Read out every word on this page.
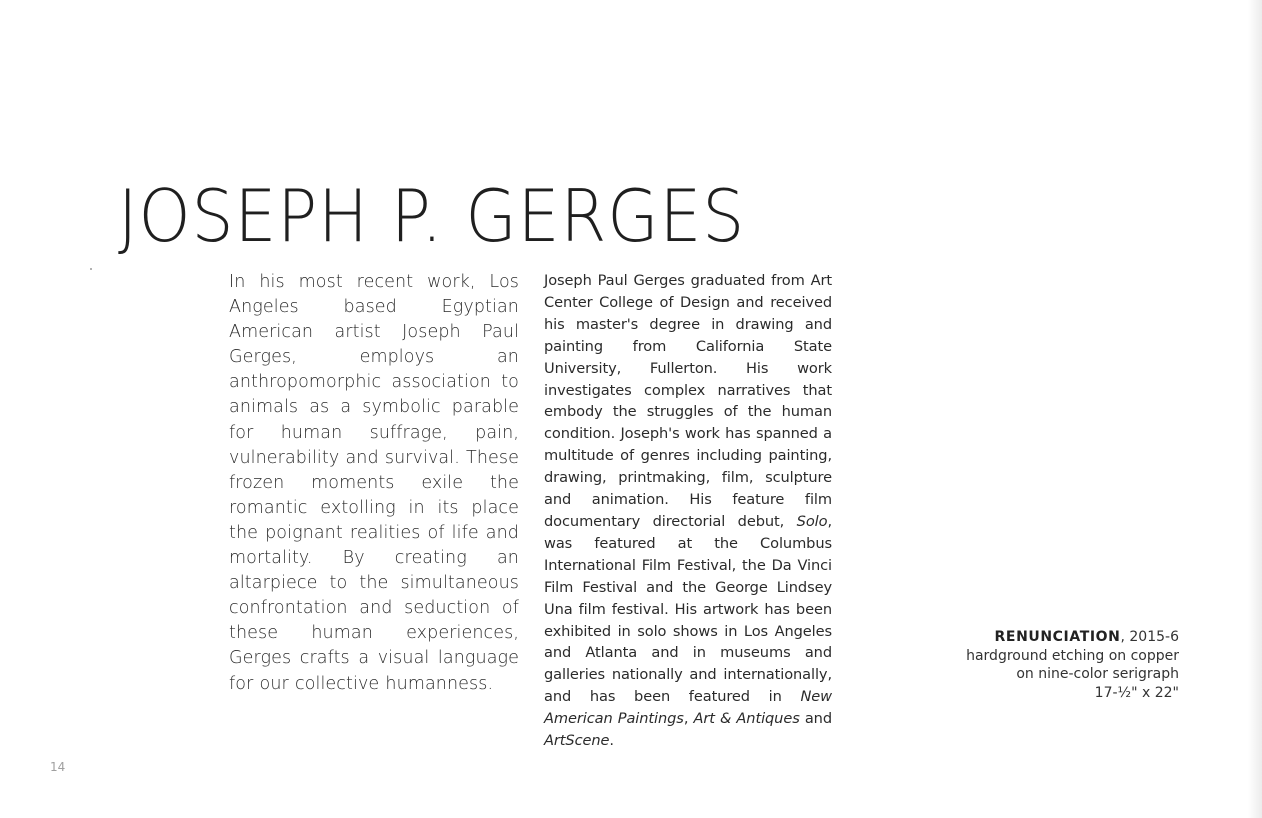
JOSEPH P. GERGES

In his most recent work, Los Angeles based Egyptian American artist Joseph Paul Gerges, employs an anthropomorphic association to animals as a symbolic parable for human suffrage, pain, vulnerability and survival. These frozen moments exile the romantic extolling in its place the poignant realities of life and mortality. By creating an altarpiece to the simultaneous confrontation and seduction of these human experiences, Gerges crafts a visual language for our collective humanness.

Joseph Paul Gerges graduated from Art Center College of Design and received his master's degree in drawing and painting from California State University, Fullerton. His work investigates complex narratives that embody the struggles of the human condition. Joseph's work has spanned a multitude of genres including painting, drawing, printmaking, film, sculpture and animation. His feature film documentary directorial debut, Solo, was featured at the Columbus International Film Festival, the Da Vinci Film Festival and the George Lindsey Una film festival. His artwork has been exhibited in solo shows in Los Angeles and Atlanta and in museums and galleries nationally and internationally, and has been featured in New American Paintings, Art & Antiques and ArtScene.

RENUNCIATION, 2015-6
hardground etching on copper
on nine-color serigraph
17-½" x 22"
14
